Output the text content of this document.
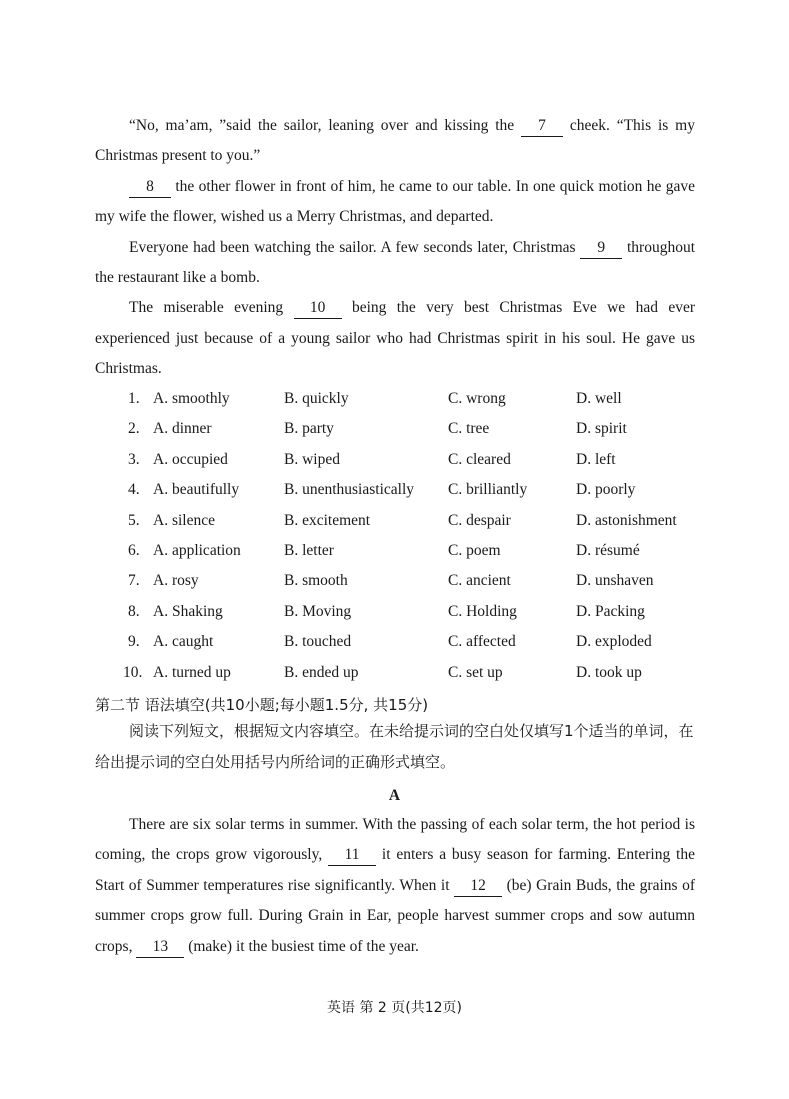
“No, ma’am, ”said the sailor, leaning over and kissing the 7 cheek. “This is my Christmas present to you.”

8 the other flower in front of him, he came to our table. In one quick motion he gave my wife the flower, wished us a Merry Christmas, and departed.

Everyone had been watching the sailor. A few seconds later, Christmas 9 throughout the restaurant like a bomb.

The miserable evening 10 being the very best Christmas Eve we had ever experienced just because of a young sailor who had Christmas spirit in his soul. He gave us Christmas.

1. A. smoothly	B. quickly	C. wrong	D. well
2. A. dinner	B. party	C. tree	D. spirit
3. A. occupied	B. wiped	C. cleared	D. left
4. A. beautifully	B. unenthusiastically C. brilliantly	D. poorly
5. A. silence	B. excitement	C. despair	D. astonishment
6. A. application	B. letter	C. poem	D. résumé
7. A. rosy	B. smooth	C. ancient	D. unshaven
8. A. Shaking	B. Moving	C. Holding	D. Packing
9. A. caught	B. touched	C. affected	D. exploded
10. A. turned up	B. ended up	C. set up	D. took up
第二节 语法填空(共10小题;每小题1.5分, 共15分)

阅读下列短文，根据短文内容填空。在未给提示词的空白处仅填写1个适当的单词，在给出提示词的空白处用括号内所给词的正确形式填空。

A

There are six solar terms in summer. With the passing of each solar term, the hot period is coming, the crops grow vigorously, 11 it enters a busy season for farming. Entering the Start of Summer temperatures rise significantly. When it 12 (be) Grain Buds, the grains of summer crops grow full. During Grain in Ear, people harvest summer crops and sow autumn crops, 13 (make) it the busiest time of the year.

英语 第 2 页(共12页)
